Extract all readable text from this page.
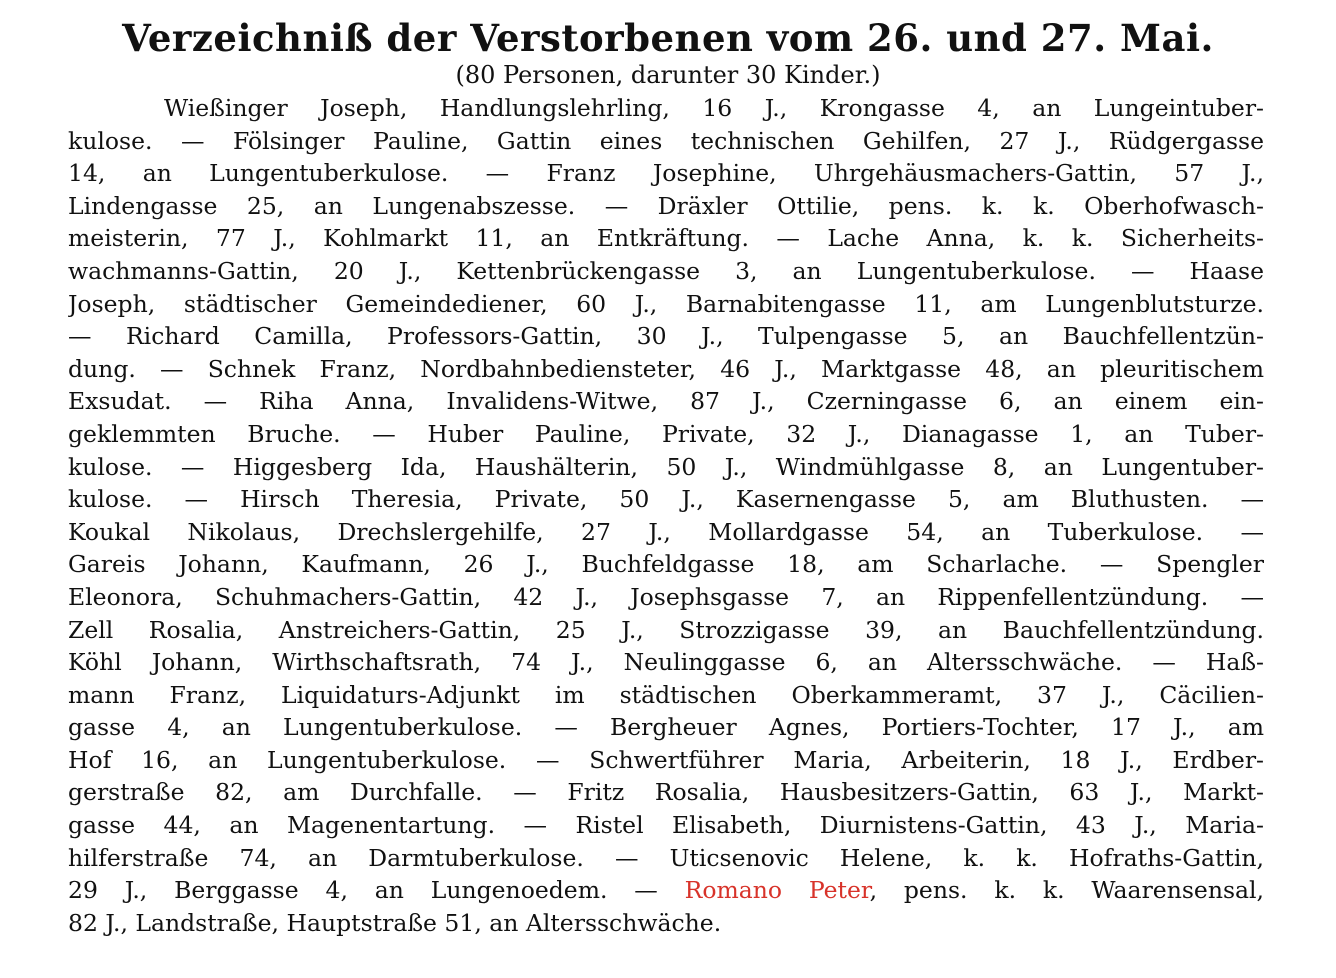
Verzeichniß der Verstorbenen vom 26. und 27. Mai.
(80 Personen, darunter 30 Kinder.)
Wießinger Joseph, Handlungslehrling, 16 J., Krongasse 4, an Lungeintuber-
kulose. — Fölsinger Pauline, Gattin eines technischen Gehilfen, 27 J., Rüdgergasse
14, an Lungentuberkulose. — Franz Josephine, Uhrgehäusmachers-Gattin, 57 J.,
Lindengasse 25, an Lungenabszesse. — Dräxler Ottilie, pens. k. k. Oberhofwasch-
meisterin, 77 J., Kohlmarkt 11, an Entkräftung. — Lache Anna, k. k. Sicherheits-
wachmanns-Gattin, 20 J., Kettenbrückengasse 3, an Lungentuberkulose. — Haase
Joseph, städtischer Gemeindediener, 60 J., Barnabitengasse 11, am Lungenblutsturze.
— Richard Camilla, Professors-Gattin, 30 J., Tulpengasse 5, an Bauchfellentzün-
dung. — Schnek Franz, Nordbahnbediensteter, 46 J., Marktgasse 48, an pleuritischem
Exsudat. — Riha Anna, Invalidens-Witwe, 87 J., Czerningasse 6, an einem ein-
geklemmten Bruche. — Huber Pauline, Private, 32 J., Dianagasse 1, an Tuber-
kulose. — Higgesberg Ida, Haushälterin, 50 J., Windmühlgasse 8, an Lungentuber-
kulose. — Hirsch Theresia, Private, 50 J., Kasernengasse 5, am Bluthusten. —
Koukal Nikolaus, Drechslergehilfe, 27 J., Mollardgasse 54, an Tuberkulose. —
Gareis Johann, Kaufmann, 26 J., Buchfeldgasse 18, am Scharlache. — Spengler
Eleonora, Schuhmachers-Gattin, 42 J., Josephsgasse 7, an Rippenfellentzündung. —
Zell Rosalia, Anstreichers-Gattin, 25 J., Strozzigasse 39, an Bauchfellentzündung.
Köhl Johann, Wirthschaftsrath, 74 J., Neulinggasse 6, an Altersschwäche. — Haß-
mann Franz, Liquidaturs-Adjunkt im städtischen Oberkammeramt, 37 J., Cäcilien-
gasse 4, an Lungentuberkulose. — Bergheuer Agnes, Portiers-Tochter, 17 J., am
Hof 16, an Lungentuberkulose. — Schwertführer Maria, Arbeiterin, 18 J., Erdber-
gerstraße 82, am Durchfalle. — Fritz Rosalia, Hausbesitzers-Gattin, 63 J., Markt-
gasse 44, an Magenentartung. — Ristel Elisabeth, Diurnistens-Gattin, 43 J., Maria-
hilferstraße 74, an Darmtuberkulose. — Uticsenovic Helene, k. k. Hofraths-Gattin,
29 J., Berggasse 4, an Lungenoedem. — Romano Peter, pens. k. k. Waarensensal,
82 J., Landstraße, Hauptstraße 51, an Altersschwäche.
